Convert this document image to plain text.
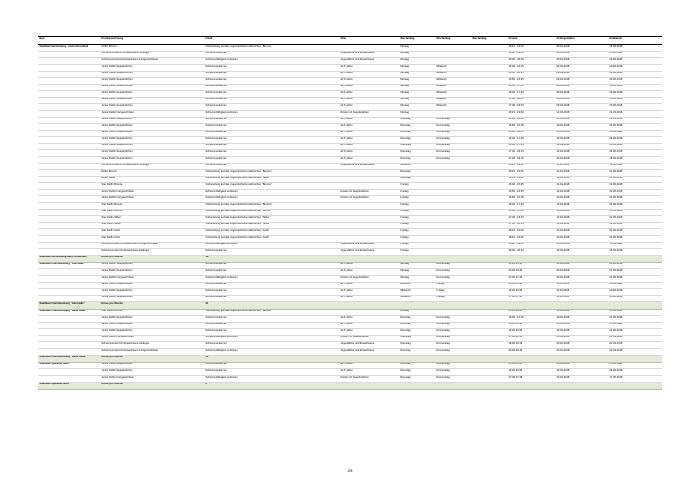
Bad	Kursbezeichnung	Inhalt	Alter	Wochentag	Wochentag	Wochentag	Uhrzeit	Anfangsdatum	Enddatum
Stadtbad Schöneberg - Hans Rosenthal	Delfin Bronze	Vorbereitung auf das Jugendschwimmabzeichen "Bronze"		Montag			18:15 - 19:00	09.04.2018	25.06.2018
	Schwimmunterricht Erwachsene Anfänger	Schwimmenlernen	Jugendliche und Erwachsene	Montag			19:00 - 19:45	09.04.2018	25.06.2018
	Schwimmunterricht Erwachsene Fortgeschrittene	Schwimmfähigkeit verfeinen	Jugendliche und Erwachsene	Montag			19:45 - 20:30	09.04.2018	25.06.2018
	Junior Delfin Seepferdchen	Schwimmenlernen	ab 5 Jahre	Montag	Mittwoch		15:00 - 15:45	09.04.2018	20.06.2018
	Junior Delfin Seepferdchen	Schwimmenlernen	ab 5 Jahre	Montag	Mittwoch		15:50 - 16:35	09.04.2018	20.06.2018
	Junior Delfin Seepferdchen	Schwimmenlernen	ab 5 Jahre	Montag	Mittwoch		15:50 - 16:35	09.04.2018	20.06.2018
	Junior Delfin Seepferdchen	Schwimmenlernen	ab 5 Jahre	Montag	Mittwoch		16:40 - 17:25	09.04.2018	20.06.2018
	Junior Delfin Seepferdchen	Schwimmenlernen	ab 5 Jahre	Montag	Mittwoch		16:40 - 17:25	09.04.2018	20.06.2018
	Junior Delfin Seepferdchen	Schwimmenlernen	ab 5 Jahre	Montag	Mittwoch		17:30 - 18:15	09.04.2018	20.06.2018
	Junior Delfin Seepferdchen	Schwimmenlernen	ab 5 Jahre	Montag	Mittwoch		17:30 - 18:15	09.04.2018	20.06.2018
	Junior Delfin Fortgeschritten	Schwimmfähigkeit verfeinen	Kinder mit Seepferdchen	Montag			18:15 - 19:00	12.04.2018	21.06.2018
	Junior Delfin Seepferdchen	Schwimmenlernen	ab 5 Jahre	Dienstag	Donnerstag		15:00 - 15:45	10.04.2018	28.06.2018
	Junior Delfin Seepferdchen	Schwimmenlernen	ab 5 Jahre	Dienstag	Donnerstag		15:50 - 16:35	10.04.2018	26.06.2018
	Junior Delfin Seepferdchen	Schwimmenlernen	ab 5 Jahre	Dienstag	Donnerstag		15:50 - 16:35	10.04.2018	26.06.2018
	Junior Delfin Seepferdchen	Schwimmenlernen	ab 5 Jahre	Dienstag	Donnerstag		16:40 - 17:25	10.04.2018	26.06.2018
	Junior Delfin Seepferdchen	Schwimmenlernen	ab 5 Jahre	Dienstag	Donnerstag		16:40 - 17:25	10.04.2018	26.06.2018
	Junior Delfin Seepferdchen	Schwimmenlernen	ab 5 Jahre	Dienstag	Donnerstag		17:30 - 18:15	10.04.2018	26.06.2018
	Junior Delfin Seepferdchen	Schwimmenlernen	ab 5 Jahre	Dienstag	Donnerstag		17:30 - 18:15	10.04.2018	26.06.2018
	Schwimmunterricht Erwachsene Anfänger	Schwimmenlernen	Jugendliche und Erwachsene	Mittwoch			18:15 - 19:00	11.04.2018	13.06.2018
	Delfin Bronze	Vorbereitung auf das Jugendschwimmabzeichen "Bronze"		Dienstag			18:15 - 19:00	12.04.2018	21.06.2018
	Delfin Silber	Vorbereitung auf das Jugendschwimmabzeichen "Silber"		Dienstag			18:15 - 19:00	12.04.2018	21.06.2018
	Star Delfin Bronze	Vorbereitung auf das Jugendschwimmabzeichen "Bronze"		Freitag			15:00 - 15:45	13.04.2018	22.06.2018
	Junior Delfin Fortgeschritten	Schwimmfähigkeit verfeinen	Kinder mit Seepferdchen	Freitag			15:50 - 16:35	13.04.2018	22.06.2018
	Junior Delfin Fortgeschritten	Schwimmfähigkeit verfeinen	Kinder mit Seepferdchen	Freitag			15:50 - 16:35	13.04.2018	22.06.2018
	Star Delfin Bronze	Vorbereitung auf das Jugendschwimmabzeichen "Bronze"		Freitag			16:40 - 17:25	13.04.2018	22.06.2018
	Star Delfin Bronze	Vorbereitung auf das Jugendschwimmabzeichen "Bronze"		Freitag			16:40 - 17:25	13.04.2018	22.06.2018
	Star Delfin Silber	Vorbereitung auf das Jugendschwimmabzeichen "Silber"		Freitag			17:30 - 18:15	13.04.2018	22.06.2018
	Star Delfin Silber	Vorbereitung auf das Jugendschwimmabzeichen "Silber"		Freitag			17:30 - 18:15	13.04.2018	22.06.2018
	Star Delfin Gold	Vorbereitung auf das Jugendschwimmabzeichen "Gold"		Freitag			18:15 - 19:00	13.04.2018	22.06.2018
	Star Delfin Gold	Vorbereitung auf das Jugendschwimmabzeichen "Gold"		Freitag			18:15 - 19:00	13.04.2018	22.06.2018
	Schwimmunterricht Erwachsene Fortgeschrittene	Schwimmfähigkeit verfeinen	Jugendliche und Erwachsene	Freitag			19:00 - 19:45	13.04.2018	15.06.2018
	Schwimmunterricht Erwachsene Anfänger	Schwimmenlernen	Jugendliche und Erwachsene	Freitag			19:45 - 20:30	13.04.2018	15.06.2018
Stadtbad Schöneberg-Hans Rosentahl	Kurse pro Woche	48							
Stadtbad Charlottenburg "Alte Halle"	Junior Delfin Seepferdchen	Schwimmenlernen	ab 5 Jahre	Montag	Donnerstag		15:00-15:45	09.04.2018	21.06.2018
	Junior Delfin Seepferdchen	Schwimmenlernen	ab 5 Jahre	Montag	Donnerstag		16:00-16:45	09.04.2018	21.06.2018
	Junior Delfin Fortgeschritten	Schwimmfähigkeit verfeinen	Kinder mit Seepferdchen	Montag	Donnerstag		17:00-17:45	09.04.2018	21.06.2018
	Junior Delfin Seepferdchen	Schwimmenlernen	ab 5 Jahre	Mittwoch	Freitag		15:00-15:45	11.04.2018	20.06.2018
	Junior Delfin Seepferdchen	Schwimmenlernen	ab 5 Jahre	Mittwoch	Freitag		16:00-16:45	11.04.2018	20.06.2018
	Junior Delfin Seepferdchen	Schwimmenlernen	ab 5 Jahre	Mittwoch	Freitag		17:00-17:45	11.04.2018	20.06.2018
Stadtbad Charlottenburg "Alte Halle"	Kurse pro Woche	11							
Stadtbad Charlottenburg "Neue Halle"	Star Delfin Bronze	Vorbereitung auf das Jugendschwimmabzeichen "Bronze"		Montag			15:15-16:00	09.04.2018	25.06.2018
	Junior Delfin Seepferdchen	Schwimmenlernen	ab 5 Jahre	Dienstag	Donnerstag		15:00 - 15:45	10.04.2018	21.06.2018
	Junior Delfin Seepferdchen	Schwimmenlernen	ab 5 Jahre	Dienstag	Donnerstag		16:00-16:45	10.04.2018	21.06.2018
	Junior Delfin Seepferdchen	Schwimmenlernen	ab 5 Jahre	Dienstag	Donnerstag		16:00-16:45	10.04.2018	21.06.2018
	Junior Delfin Fortgeschritten	Schwimmfähigkeit verfeinen	Kinder mit Seepferdchen	Dienstag	Donnerstag		17:30-18:15	20.02.2018	22.03.2018
	Schwimmunterricht Erwachsene Anfänger	Schwimmenlernen	Jugendliche und Erwachsene	Dienstag	Donnerstag		18:30-19:15	20.02.2018	22.03.2018
	Schwimmunterricht Erwachsene Fortgeschrittene	Schwimmfähigkeit verfeinen	Jugendliche und Erwachsene	Dienstag	Donnerstag		19:30-20:15	20.02.2018	22.03.2018
Stadtbad Charlottenburg "Neue Halle"	Kurse pro Woche	13							
Stadtbad Spandau Nord	Junior Delfin Seepferdchen	Schwimmenlernen	ab 5 Jahre	Dienstag	Donnerstag		15:00-15:45	10.04.2018	25.06.2018
	Junior Delfin Seepferdchen	Schwimmenlernen	ab 5 Jahre	Dienstag	Donnerstag		16:00-16:45	10.04.2018	26.06.2018
	Junior Delfin Fortgeschritten	Schwimmfähigkeit verfeinen	Kinder mit Seepferdchen	Dienstag	Donnerstag		17:00-17:45	10.04.2018	17.05.2018
Stadtbad Spandau Nord	Kurse pro Woche	6							
2/5
